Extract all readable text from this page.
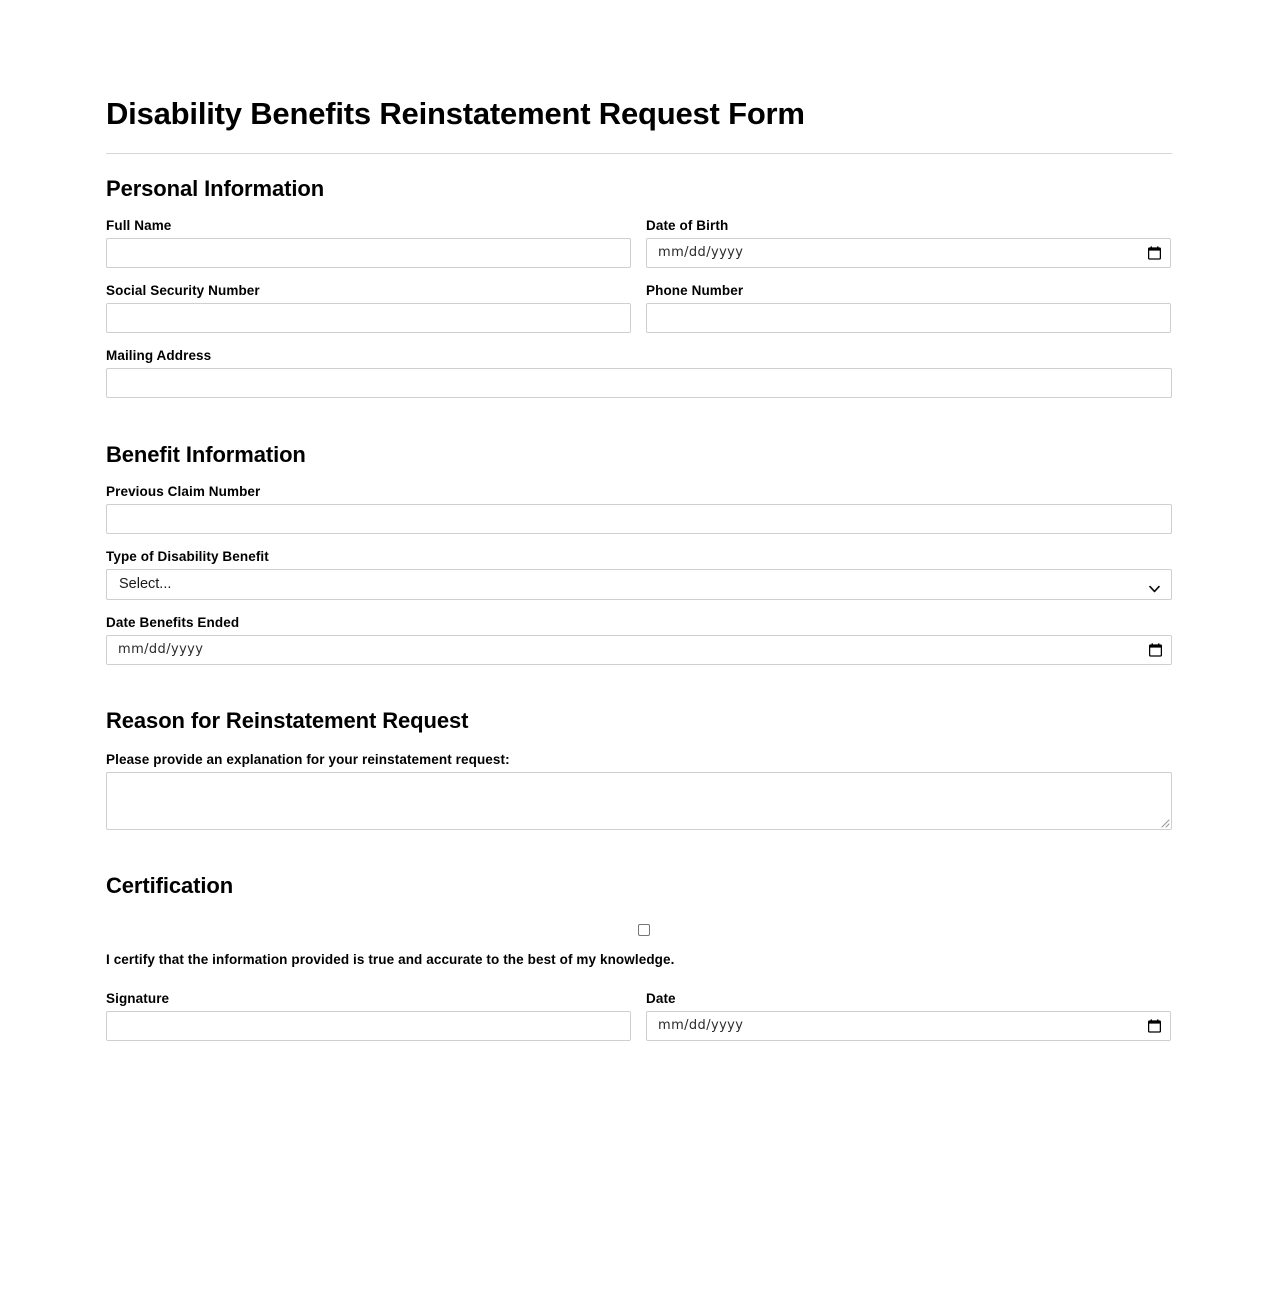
Disability Benefits Reinstatement Request Form
Personal Information
Full Name	Date of Birth
mm/dd/yyyy
Social Security Number	Phone Number
Mailing Address
Benefit Information
Previous Claim Number
Type of Disability Benefit
Select...
Date Benefits Ended
mm/dd/yyyy
Reason for Reinstatement Request
Please provide an explanation for your reinstatement request:
Certification

I certify that the information provided is true and accurate to the best of my knowledge.

Signature	Date
mm/dd/yyyy
